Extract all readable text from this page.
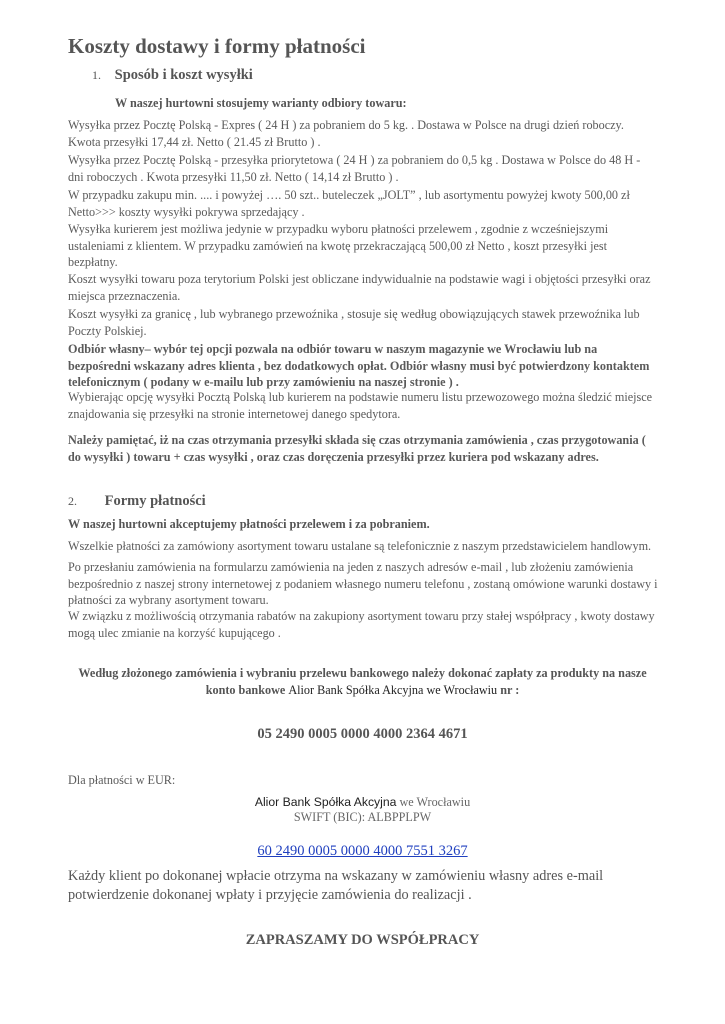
Koszty dostawy i formy płatności
1. Sposób i koszt wysyłki

W naszej hurtowni stosujemy warianty odbiory towaru:

Wysyłka przez Pocztę Polską - Expres ( 24 H ) za pobraniem do 5 kg. . Dostawa w Polsce na drugi dzień roboczy. Kwota przesyłki 17,44 zł. Netto ( 21.45 zł Brutto ) .

Wysyłka przez Pocztę Polską - przesyłka priorytetowa ( 24 H ) za pobraniem do 0,5 kg . Dostawa w Polsce do 48 H - dni roboczych . Kwota przesyłki 11,50 zł. Netto ( 14,14 zł Brutto ) .

W przypadku zakupu min. .... i powyżej …. 50 szt.. buteleczek „JOLT” , lub asortymentu powyżej kwoty 500,00 zł Netto>>> koszty wysyłki pokrywa sprzedający .

Wysyłka kurierem jest możliwa jedynie w przypadku wyboru płatności przelewem , zgodnie z wcześniejszymi ustaleniami z klientem. W przypadku zamówień na kwotę przekraczającą 500,00 zł Netto , koszt przesyłki jest bezpłatny.

Koszt wysyłki towaru poza terytorium Polski jest obliczane indywidualnie na podstawie wagi i objętości przesyłki oraz miejsca przeznaczenia.

Koszt wysyłki za granicę , lub wybranego przewoźnika , stosuje się według obowiązujących stawek przewoźnika lub Poczty Polskiej.

Odbiór własny– wybór tej opcji pozwala na odbiór towaru w naszym magazynie we Wrocławiu lub na bezpośredni wskazany adres klienta , bez dodatkowych opłat. Odbiór własny musi być potwierdzony kontaktem telefonicznym ( podany w e-mailu lub przy zamówieniu na naszej stronie ) .

Wybierając opcję wysyłki Pocztą Polską lub kurierem na podstawie numeru listu przewozowego można śledzić miejsce znajdowania się przesyłki na stronie internetowej danego spedytora.

Należy pamiętać, iż na czas otrzymania przesyłki składa się czas otrzymania zamówienia , czas przygotowania ( do wysyłki ) towaru + czas wysyłki , oraz czas doręczenia przesyłki przez kuriera pod wskazany adres.

2. Formy płatności

W naszej hurtowni akceptujemy płatności przelewem i za pobraniem.

Wszelkie płatności za zamówiony asortyment towaru ustalane są telefonicznie z naszym przedstawicielem handlowym.

Po przesłaniu zamówienia na formularzu zamówienia na jeden z naszych adresów e-mail , lub złożeniu zamówienia bezpośrednio z naszej strony internetowej z podaniem własnego numeru telefonu , zostaną omówione warunki dostawy i płatności za wybrany asortyment towaru.

W związku z możliwością otrzymania rabatów na zakupiony asortyment towaru przy stałej współpracy , kwoty dostawy mogą ulec zmianie na korzyść kupującego .

Według złożonego zamówienia i wybraniu przelewu bankowego należy dokonać zapłaty za produkty na nasze
konto bankowe Alior Bank Spółka Akcyjna we Wrocławiu nr :
05 2490 0005 0000 4000 2364 4671

Dla płatności w EUR:

Alior Bank Spółka Akcyjna we Wrocławiu
SWIFT (BIC): ALBPPLPW
60 2490 0005 0000 4000 7551 3267

Każdy klient po dokonanej wpłacie otrzyma na wskazany w zamówieniu własny adres e-mail potwierdzenie dokonanej wpłaty i przyjęcie zamówienia do realizacji .

ZAPRASZAMY DO WSPÓŁPRACY
